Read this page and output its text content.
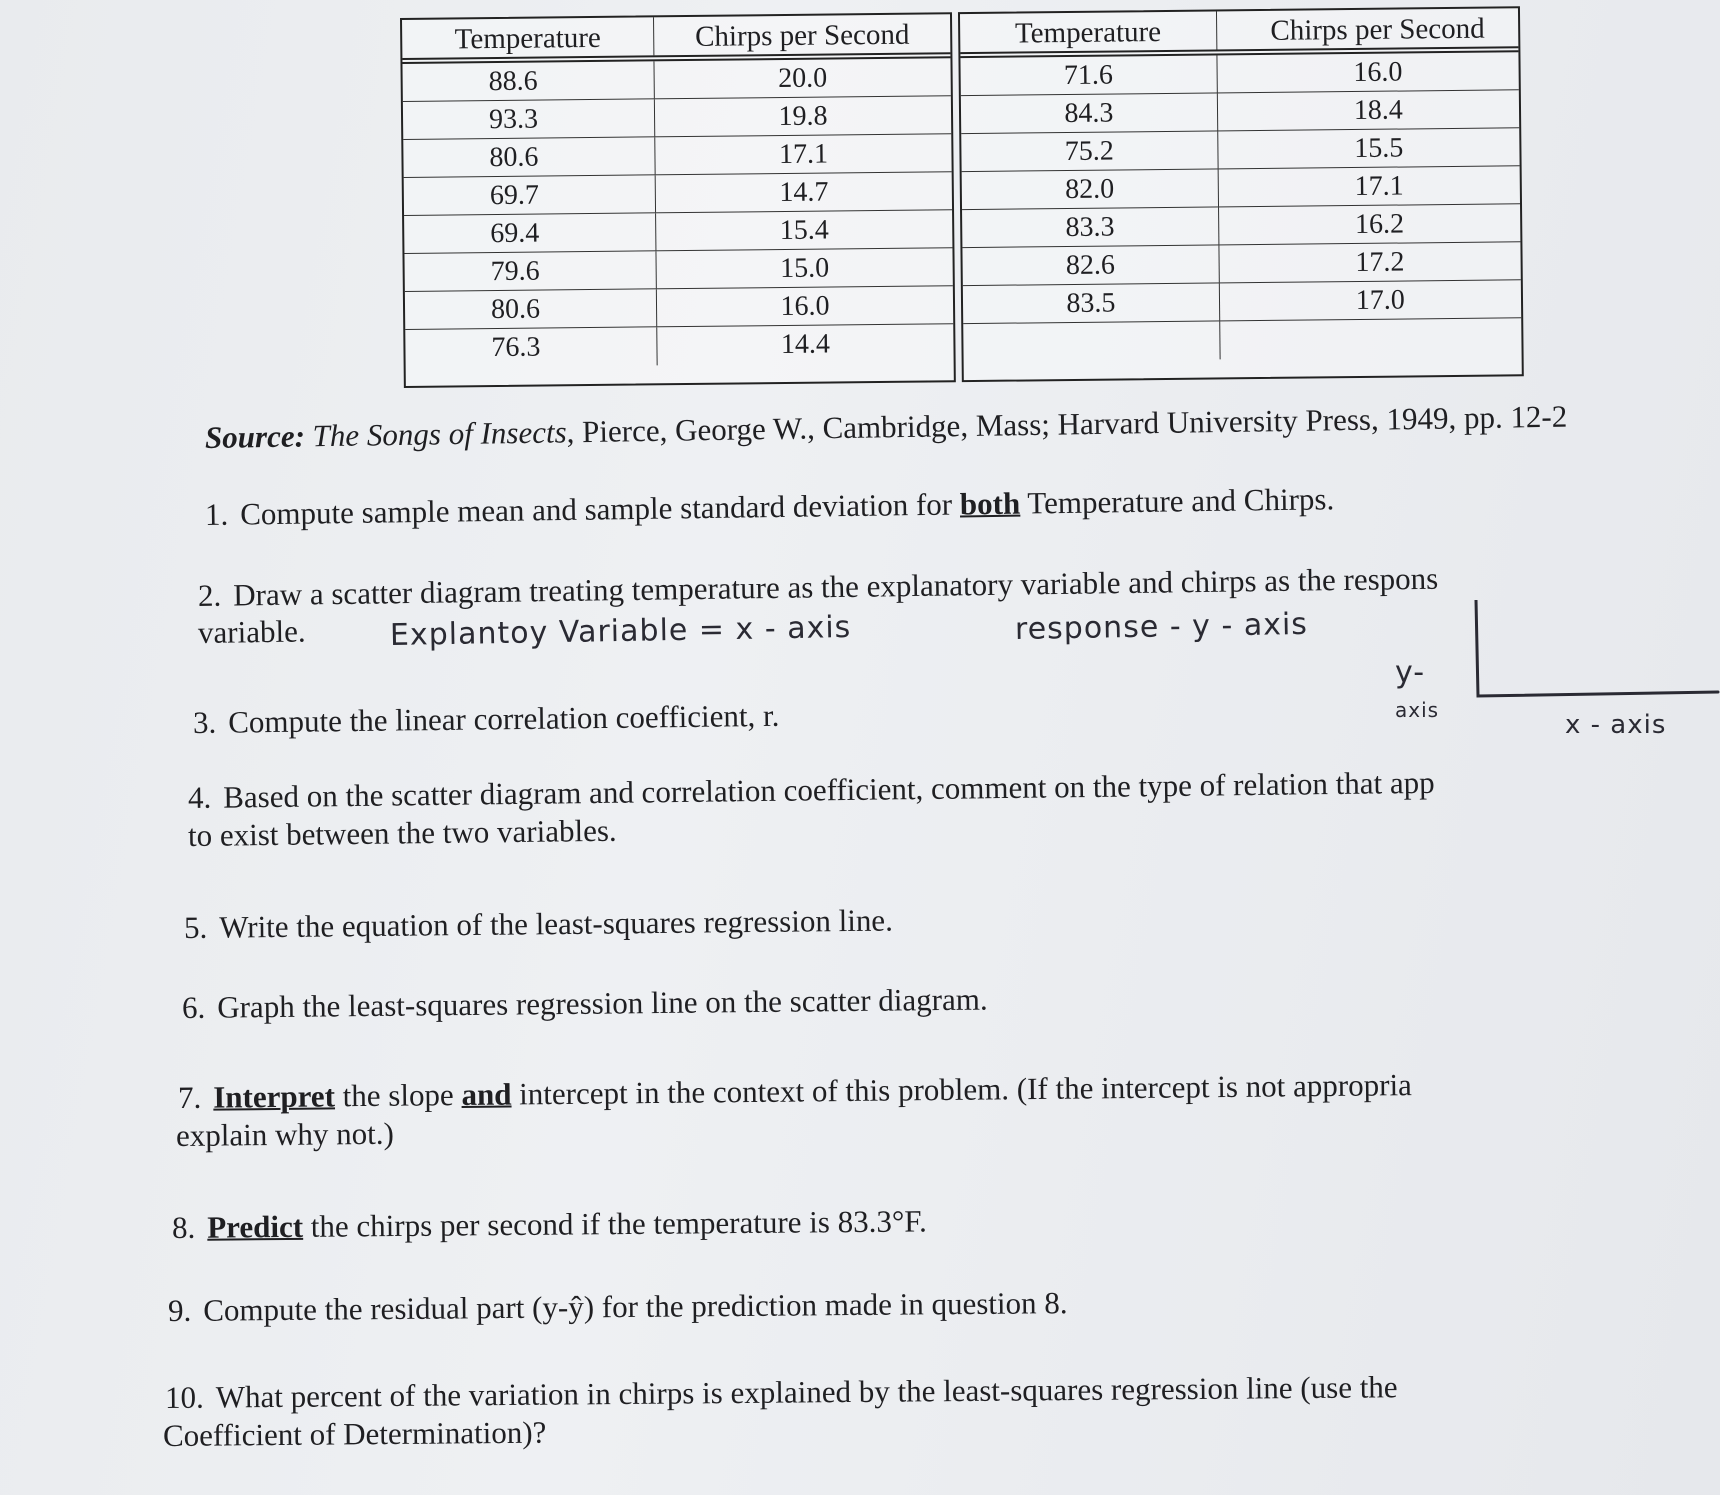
Temperature	Chirps per Second
88.6	20.0
93.3	19.8
80.6	17.1
69.7	14.7
69.4	15.4
79.6	15.0
80.6	16.0
76.3	14.4
Temperature	Chirps per Second
71.6	16.0
84.3	18.4
75.2	15.5
82.0	17.1
83.3	16.2
82.6	17.2
83.5	17.0
Source: The Songs of Insects, Pierce, George W., Cambridge, Mass; Harvard University Press, 1949, pp. 12-2
1. Compute sample mean and sample standard deviation for both Temperature and Chirps.
2. Draw a scatter diagram treating temperature as the explanatory variable and chirps as the respons
variable.	Explantoy Variable = x - axis	response - y - axis
y-
axis	x - axis
3. Compute the linear correlation coefficient, r.
4. Based on the scatter diagram and correlation coefficient, comment on the type of relation that app
to exist between the two variables.
5. Write the equation of the least-squares regression line.
6. Graph the least-squares regression line on the scatter diagram.
7. Interpret the slope and intercept in the context of this problem. (If the intercept is not appropria
explain why not.)
8. Predict the chirps per second if the temperature is 83.3°F.
9. Compute the residual part (y-ŷ) for the prediction made in question 8.
10. What percent of the variation in chirps is explained by the least-squares regression line (use the
Coefficient of Determination)?
